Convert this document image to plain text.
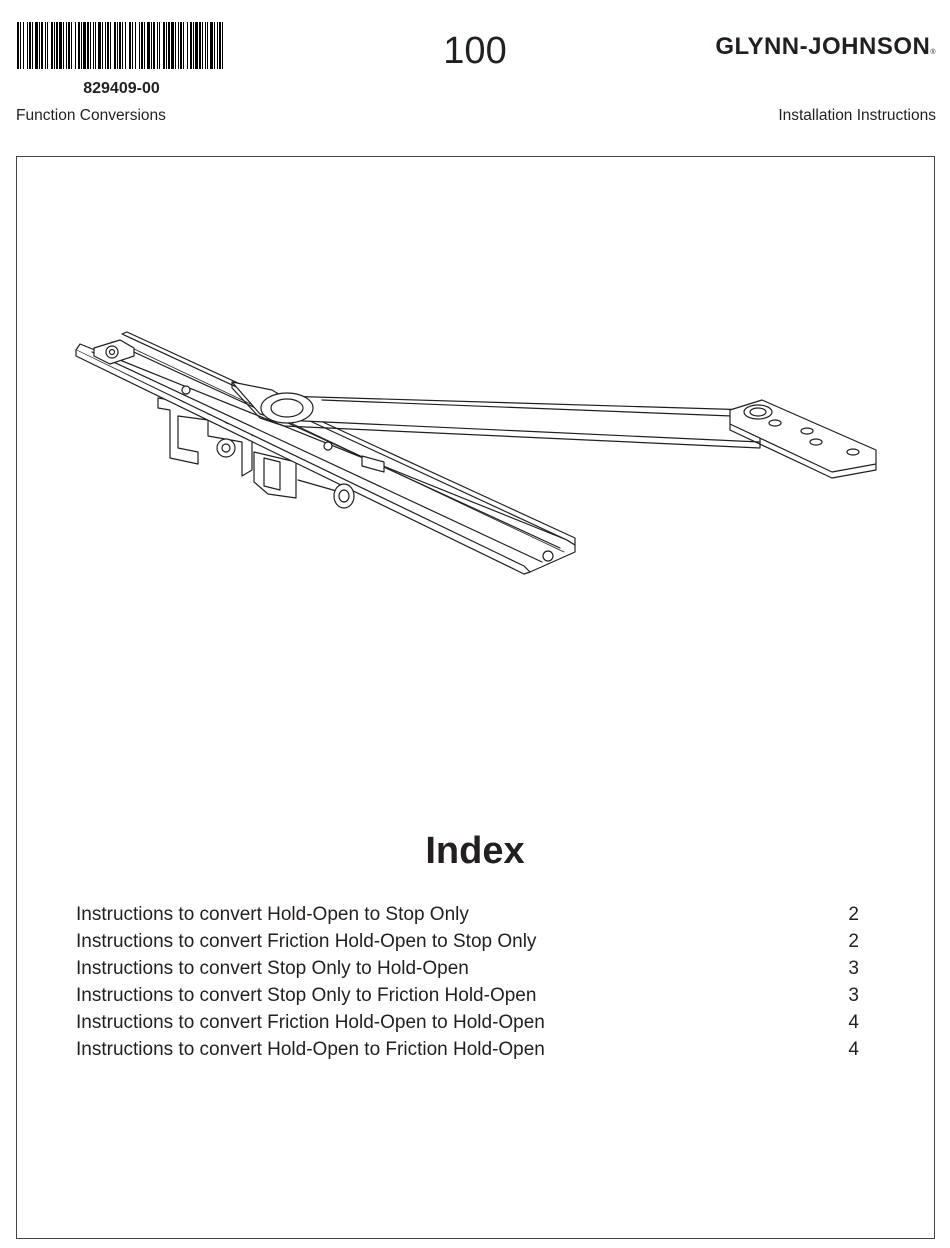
829409-00
100	GLYNN-JOHNSON®
Function Conversions	Installation Instructions
Index
Instructions to convert Hold-Open to Stop Only	2
Instructions to convert Friction Hold-Open to Stop Only	2
Instructions to convert Stop Only to Hold-Open	3
Instructions to convert Stop Only to Friction Hold-Open	3
Instructions to convert Friction Hold-Open to Hold-Open	4
Instructions to convert Hold-Open to Friction Hold-Open	4
